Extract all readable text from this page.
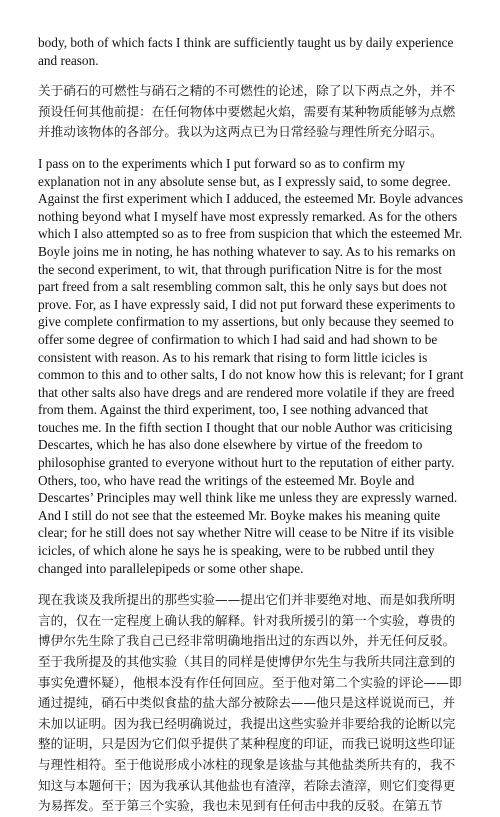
body, both of which facts I think are sufficiently taught us by daily experience and reason.

关于硝石的可燃性与硝石之精的不可燃性的论述，除了以下两点之外，并不预设任何其他前提：在任何物体中要燃起火焰，需要有某种物质能够为点燃并推动该物体的各部分。我以为这两点已为日常经验与理性所充分昭示。

I pass on to the experiments which I put forward so as to confirm my explanation not in any absolute sense but, as I expressly said, to some degree. Against the first experiment which I adduced, the esteemed Mr. Boyle advances nothing beyond what I myself have most expressly remarked. As for the others which I also attempted so as to free from suspicion that which the esteemed Mr. Boyle joins me in noting, he has nothing whatever to say. As to his remarks on the second experiment, to wit, that through purification Nitre is for the most part freed from a salt resembling common salt, this he only says but does not prove. For, as I have expressly said, I did not put forward these experiments to give complete confirmation to my assertions, but only because they seemed to offer some degree of confirmation to which I had said and had shown to be consistent with reason. As to his remark that rising to form little icicles is common to this and to other salts, I do not know how this is relevant; for I grant that other salts also have dregs and are rendered more volatile if they are freed from them. Against the third experiment, too, I see nothing advanced that touches me. In the fifth section I thought that our noble Author was criticising Descartes, which he has also done elsewhere by virtue of the freedom to philosophise granted to everyone without hurt to the reputation of either party. Others, too, who have read the writings of the esteemed Mr. Boyle and Descartes’ Principles may well think like me unless they are expressly warned. And I still do not see that the esteemed Mr. Boyke makes his meaning quite clear; for he still does not say whether Nitre will cease to be Nitre if its visible icicles, of which alone he says he is speaking, were to be rubbed until they changed into parallelepipeds or some other shape.

现在我谈及我所提出的那些实验——提出它们并非要绝对地、而是如我所明言的，仅在一定程度上确认我的解释。针对我所援引的第一个实验，尊贵的博伊尔先生除了我自己已经非常明确地指出过的东西以外，并无任何反驳。至于我所提及的其他实验（其目的同样是使博伊尔先生与我所共同注意到的事实免遭怀疑），他根本没有作任何回应。至于他对第二个实验的评论——即通过提纯，硝石中类似食盐的盐大部分被除去——他只是这样说说而已，并未加以证明。因为我已经明确说过，我提出这些实验并非要给我的论断以完整的证明，只是因为它们似乎提供了某种程度的印证，而我已说明这些印证与理性相符。至于他说形成小冰柱的现象是该盐与其他盐类所共有的，我不知这与本题何干；因为我承认其他盐也有渣滓，若除去渣滓，则它们变得更为易挥发。至于第三个实验，我也未见到有任何击中我的反驳。在第五节
